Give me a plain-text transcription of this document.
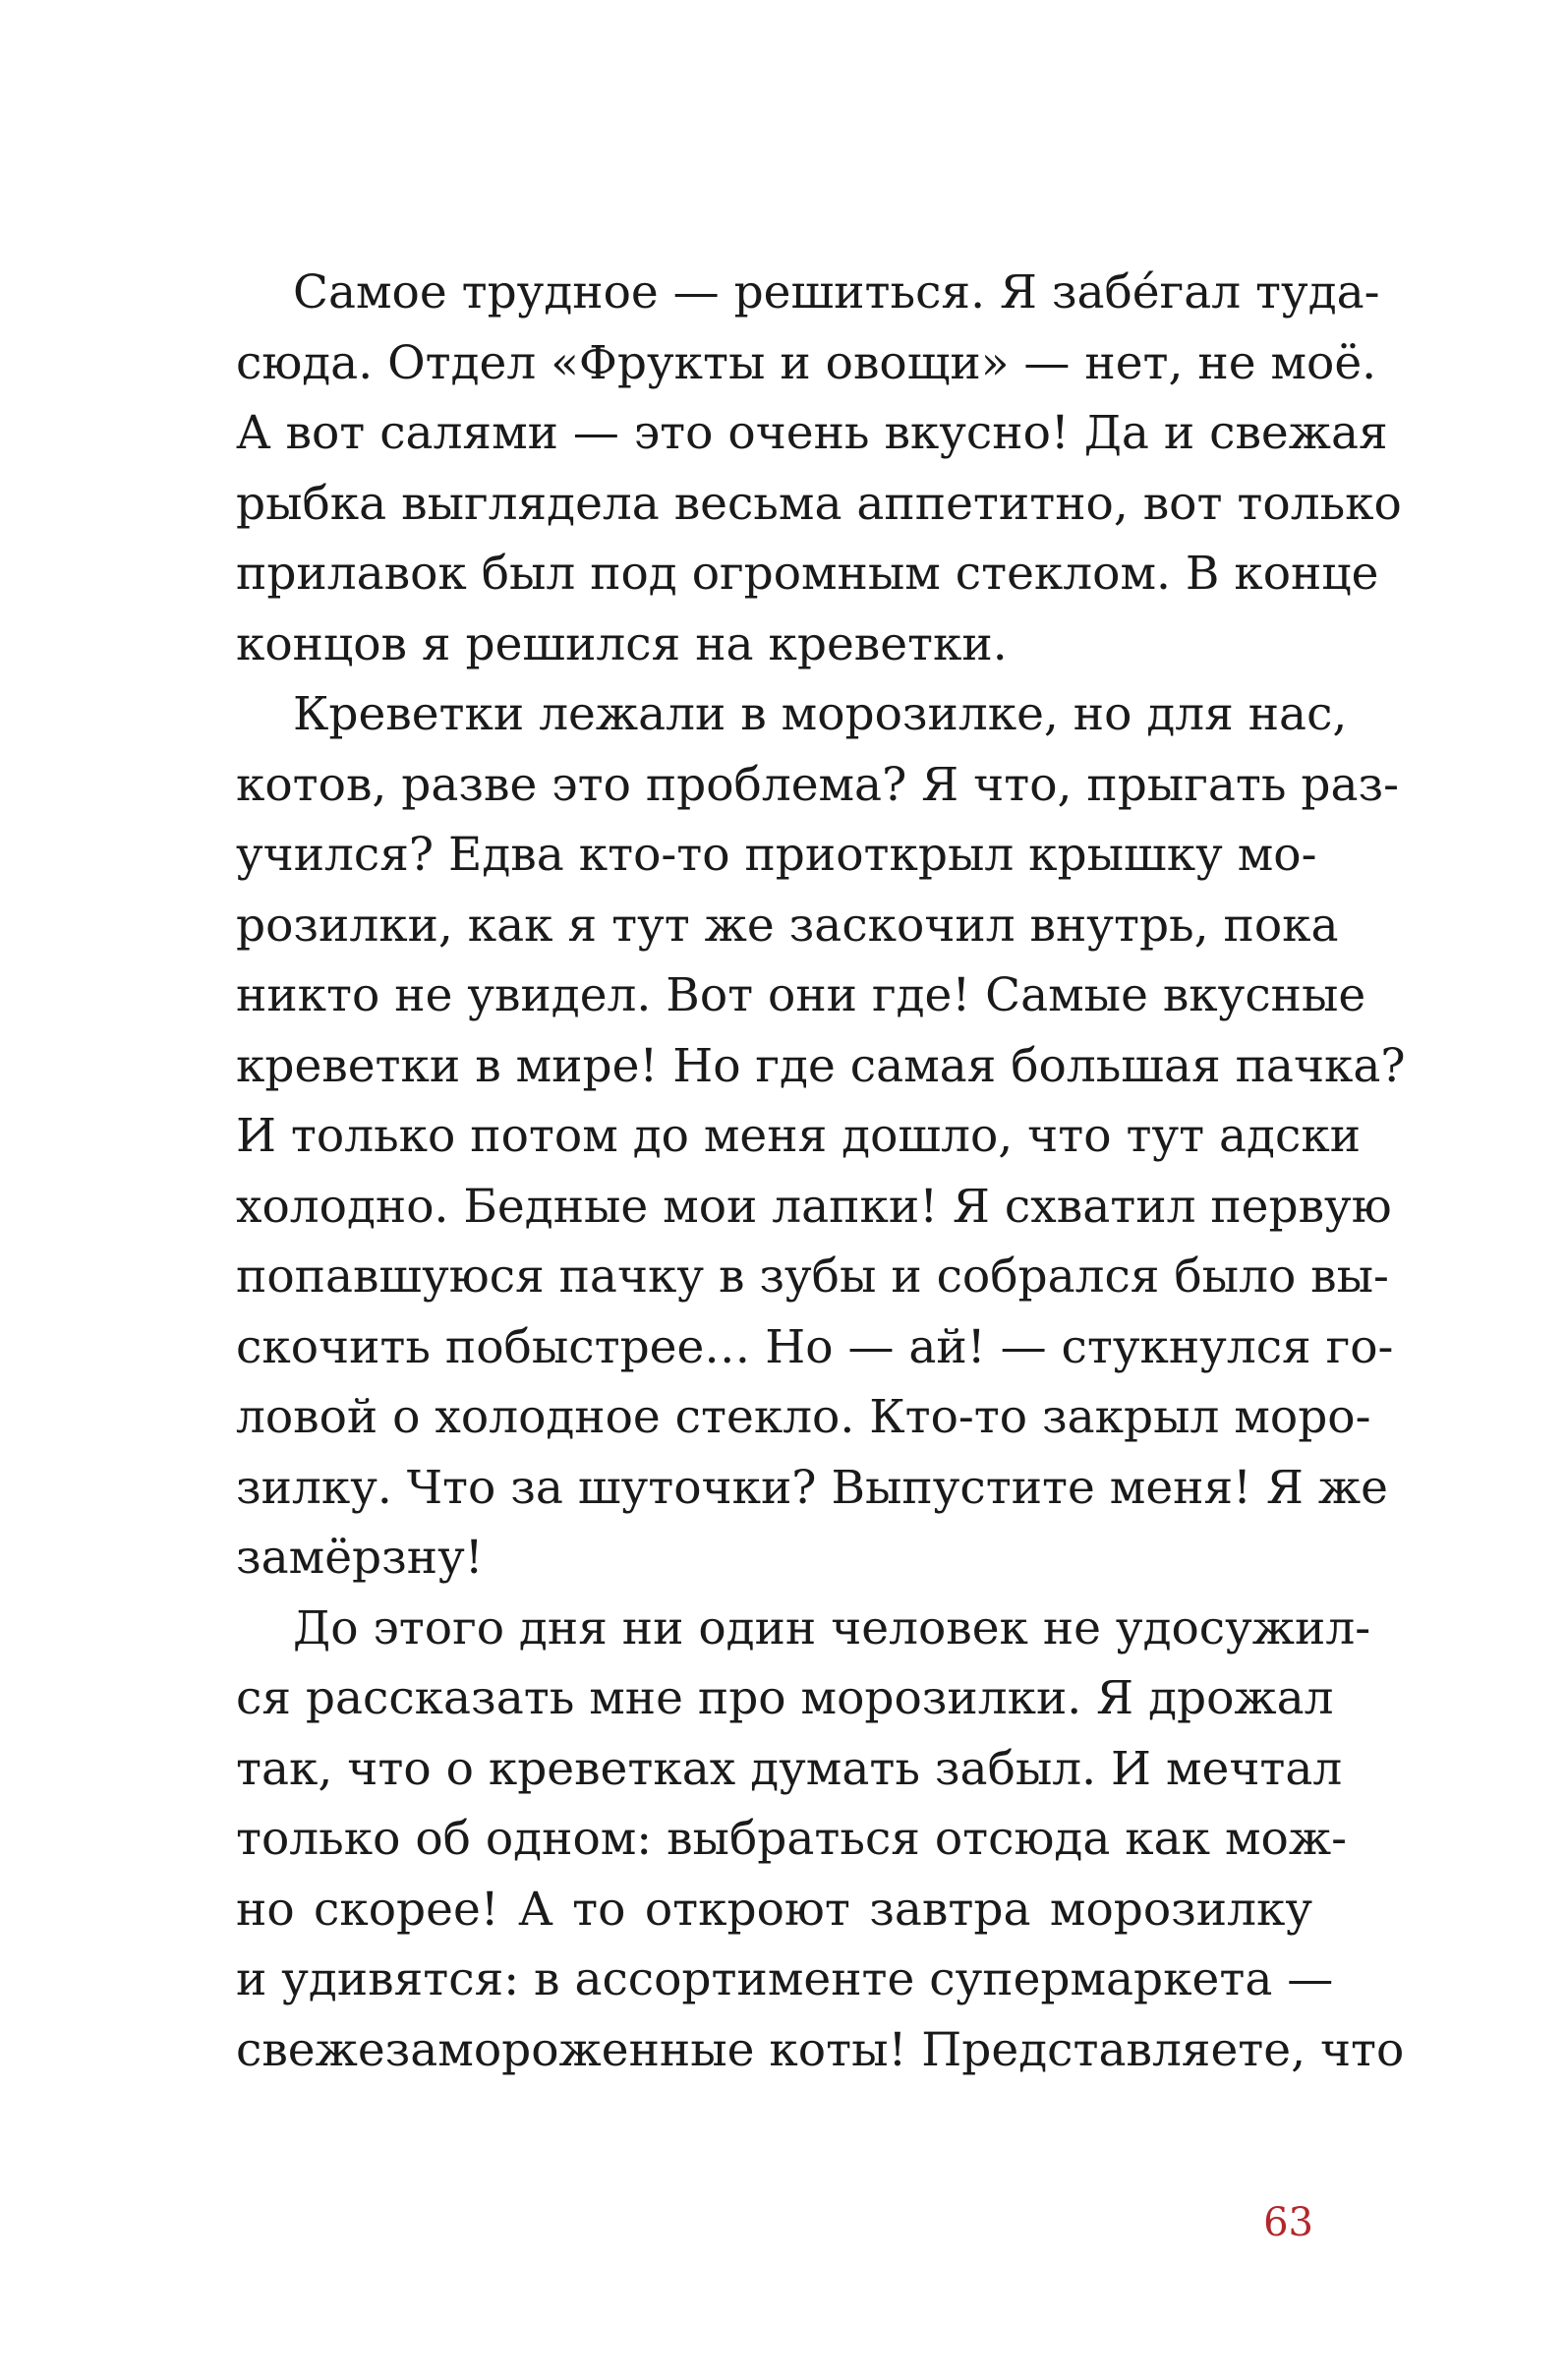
Самое трудное — решиться. Я забе́гал туда-
сюда. Отдел «Фрукты и овощи» — нет, не моё.
А вот салями — это очень вкусно! Да и свежая
рыбка выглядела весьма аппетитно, вот только
прилавок был под огромным стеклом. В конце
концов я решился на креветки.
Креветки лежали в морозилке, но для нас,
котов, разве это проблема? Я что, прыгать раз-
учился? Едва кто-то приоткрыл крышку мо-
розилки, как я тут же заскочил внутрь, пока
никто не увидел. Вот они где! Самые вкусные
креветки в мире! Но где самая большая пачка?
И только потом до меня дошло, что тут адски
холодно. Бедные мои лапки! Я схватил первую
попавшуюся пачку в зубы и собрался было вы-
скочить побыстрее… Но — ай! — стукнулся го-
ловой о холодное стекло. Кто-то закрыл моро-
зилку. Что за шуточки? Выпустите меня! Я же
замёрзну!
До этого дня ни один человек не удосужил-
ся рассказать мне про морозилки. Я дрожал
так, что о креветках думать забыл. И мечтал
только об одном: выбраться отсюда как мож-
но скорее! А то откроют завтра морозилку
и удивятся: в ассортименте супермаркета —
свежезамороженные коты! Представляете, что
63
